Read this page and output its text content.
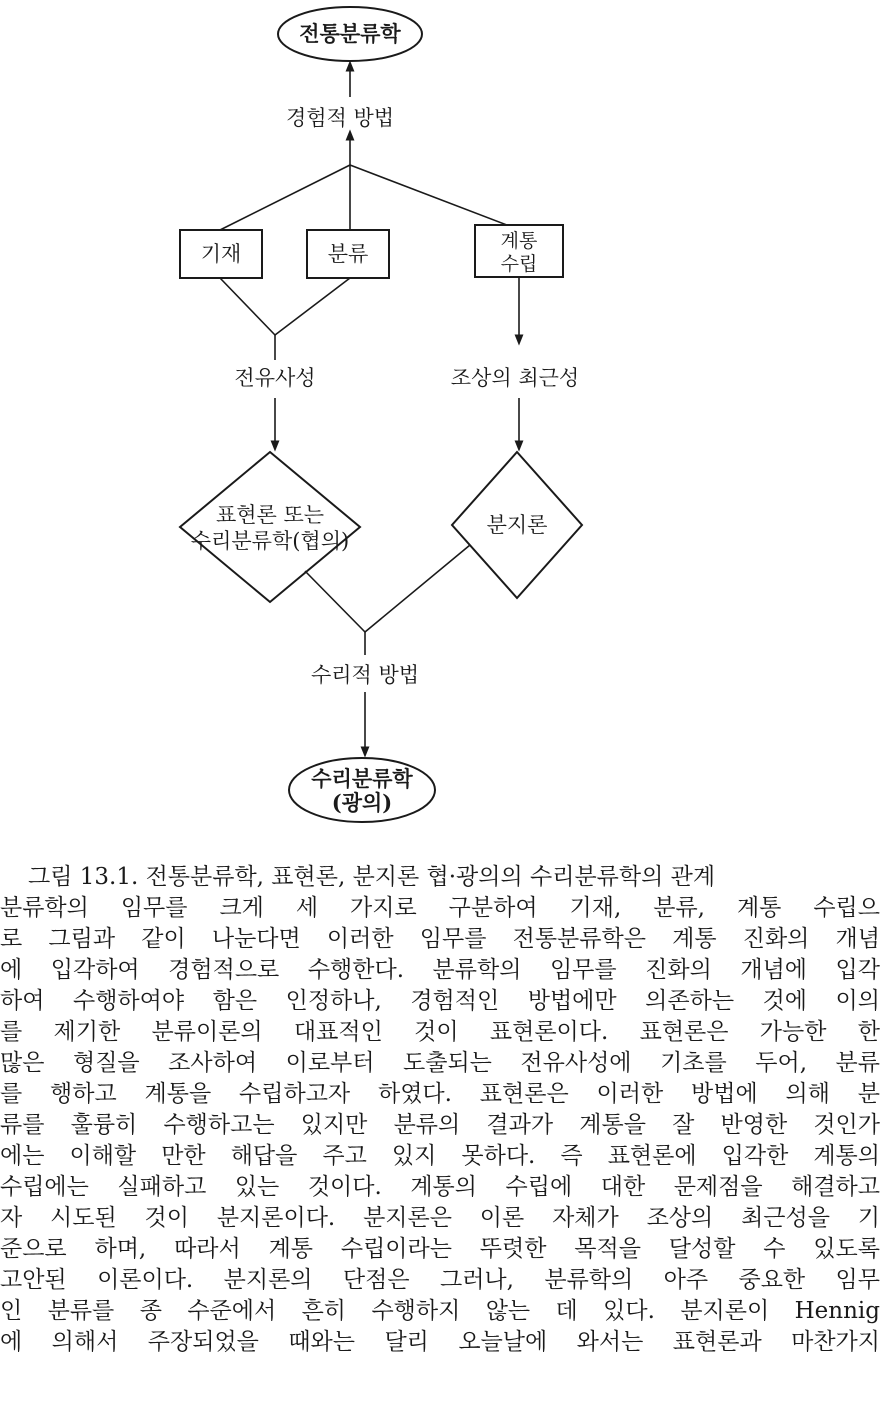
전통분류학
경험적 방법
기재	분류
계통
수립
전유사성	조상의 최근성
표현론 또는
수리분류학(협의)
분지론
수리적 방법
수리분류학
(광의)
그림 13.1. 전통분류학, 표현론, 분지론 협·광의의 수리분류학의 관계
분류학의 임무를 크게 세 가지로 구분하여 기재, 분류, 계통 수립으
로 그림과 같이 나눈다면 이러한 임무를 전통분류학은 계통 진화의 개념
에 입각하여 경험적으로 수행한다. 분류학의 임무를 진화의 개념에 입각
하여 수행하여야 함은 인정하나, 경험적인 방법에만 의존하는 것에 이의
를 제기한 분류이론의 대표적인 것이 표현론이다. 표현론은 가능한 한
많은 형질을 조사하여 이로부터 도출되는 전유사성에 기초를 두어, 분류
를 행하고 계통을 수립하고자 하였다. 표현론은 이러한 방법에 의해 분
류를 훌륭히 수행하고는 있지만 분류의 결과가 계통을 잘 반영한 것인가
에는 이해할 만한 해답을 주고 있지 못하다. 즉 표현론에 입각한 계통의
수립에는 실패하고 있는 것이다. 계통의 수립에 대한 문제점을 해결하고
자 시도된 것이 분지론이다. 분지론은 이론 자체가 조상의 최근성을 기
준으로 하며, 따라서 계통 수립이라는 뚜렷한 목적을 달성할 수 있도록
고안된 이론이다. 분지론의 단점은 그러나, 분류학의 아주 중요한 임무
인 분류를 종 수준에서 흔히 수행하지 않는 데 있다. 분지론이 Hennig
에 의해서 주장되었을 때와는 달리 오늘날에 와서는 표현론과 마찬가지
